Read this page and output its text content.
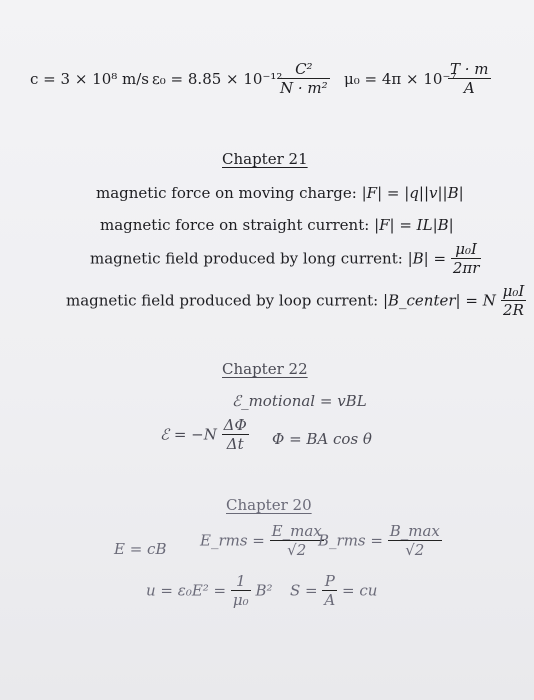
c = 3 × 10⁸ m/s ε₀ = 8.85 × 10⁻¹²
$\frac{\text{C²}}{\text{N · m²}} \mu_0 = 4\pi \times 10^{-7}$
$\frac{T \cdot m}{A}$
Chapter 21
magnetic force on moving charge: |F| = |q||v||B|
magnetic force on straight current: |F| = IL|B|
magnetic field produced by long current: $|B| = \frac{\text{μ₀I}}{2\pi r}$
magnetic field produced by loop current: |B_center| = N $\frac{\text{μ₀I}}{2R}$
Chapter 22
ℰ_motional = vBL
ℰ = $-N \frac{\Delta\Phi}{\Delta t}$ Φ = BA cos θ
Chapter 20
E = cB E_rms = $\frac{E\_\max}{√2}$
B_rms = $\frac{B\_\max}{√2}$
$u = \varepsilon_0E^2 = \frac{1}{\text{μ₀}} B^2$ $S = \frac{P}{A}$ = cu
